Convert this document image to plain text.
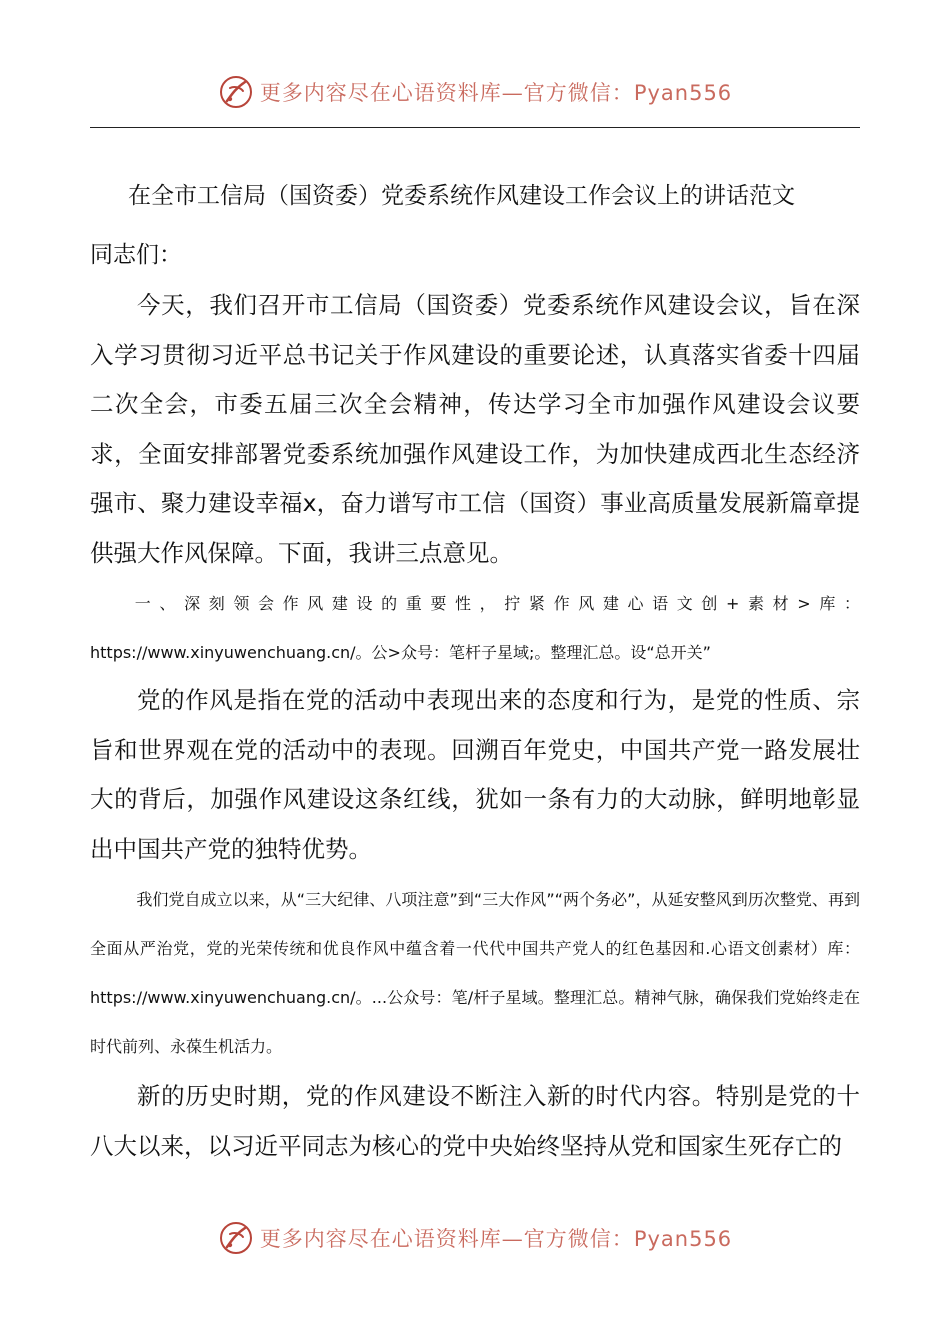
更多内容尽在心语资料库—官方微信：Pyan556
在全市工信局（国资委）党委系统作风建设工作会议上的讲话范文
同志们：

今天，我们召开市工信局（国资委）党委系统作风建设会议，旨在深入学习贯彻习近平总书记关于作风建设的重要论述，认真落实省委十四届二次全会，市委五届三次全会精神，传达学习全市加强作风建设会议要求，全面安排部署党委系统加强作风建设工作，为加快建成西北生态经济强市、聚力建设幸福x，奋力谱写市工信（国资）事业高质量发展新篇章提供强大作风保障。下面，我讲三点意见。

一、深刻领会作风建设的重要性，拧紧作风建心语文创+素材>库：https://www.xinyuwenchuang.cn/。公>众号：笔杆子星域;。整理汇总。设“总开关”

党的作风是指在党的活动中表现出来的态度和行为，是党的性质、宗旨和世界观在党的活动中的表现。回溯百年党史，中国共产党一路发展壮大的背后，加强作风建设这条红线，犹如一条有力的大动脉，鲜明地彰显出中国共产党的独特优势。

我们党自成立以来，从“三大纪律、八项注意”到“三大作风”“两个务必”，从延安整风到历次整党、再到全面从严治党，党的光荣传统和优良作风中蕴含着一代代中国共产党人的红色基因和.心语文创素材）库：https://www.xinyuwenchuang.cn/。...公众号：笔/杆子星域。整理汇总。精神气脉，确保我们党始终走在时代前列、永葆生机活力。

新的历史时期，党的作风建设不断注入新的时代内容。特别是党的十八大以来，以习近平同志为核心的党中央始终坚持从党和国家生死存亡的

更多内容尽在心语资料库—官方微信：Pyan556
